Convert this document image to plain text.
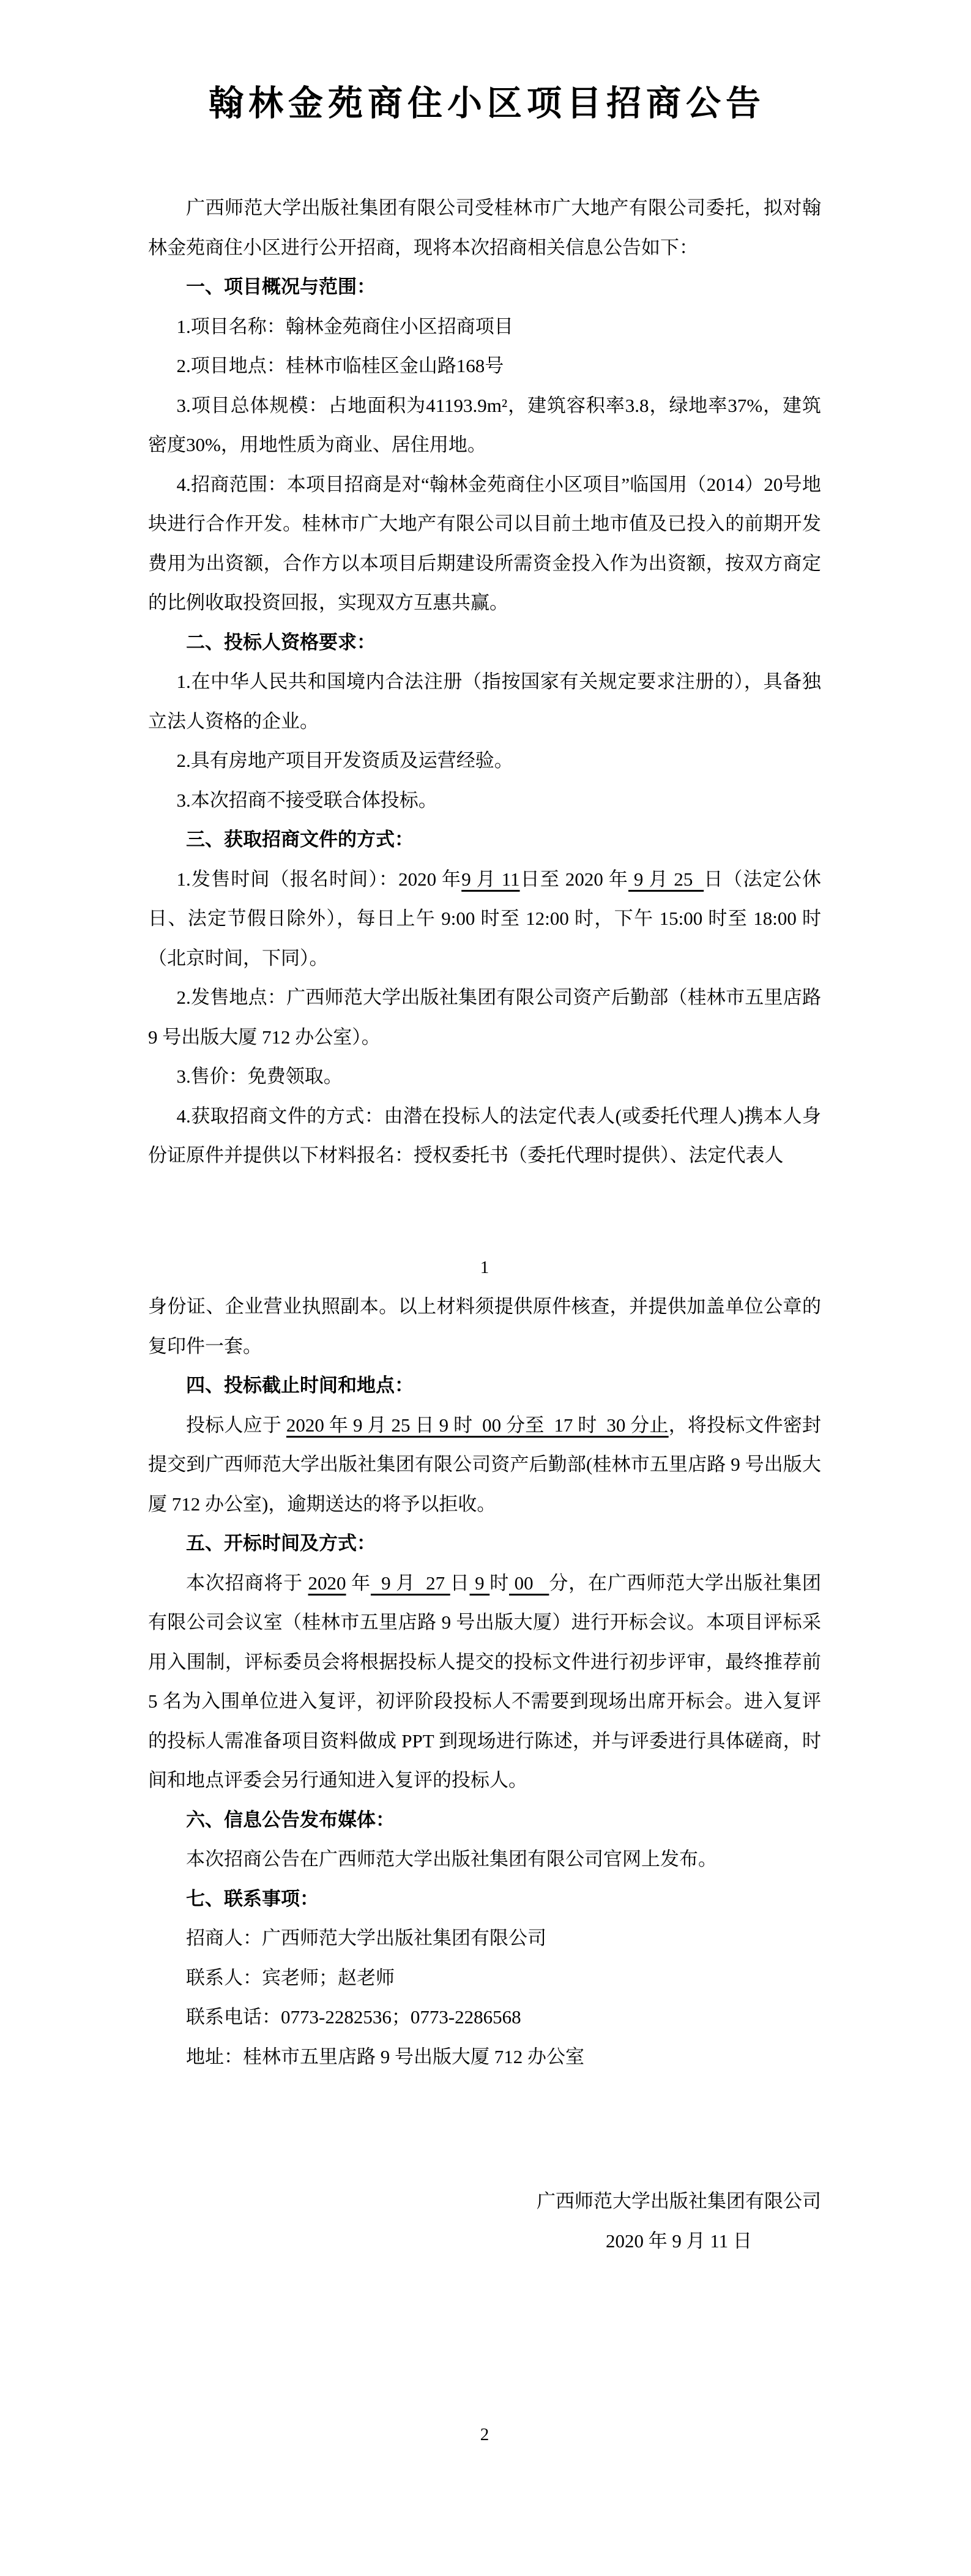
翰林金苑商住小区项目招商公告

广西师范大学出版社集团有限公司受桂林市广大地产有限公司委托，拟对翰林金苑商住小区进行公开招商，现将本次招商相关信息公告如下：

一、项目概况与范围：

1.项目名称：翰林金苑商住小区招商项目

2.项目地点：桂林市临桂区金山路168号

3.项目总体规模：占地面积为41193.9m²，建筑容积率3.8，绿地率37%，建筑密度30%，用地性质为商业、居住用地。

4.招商范围：本项目招商是对“翰林金苑商住小区项目”临国用（2014）20号地块进行合作开发。桂林市广大地产有限公司以目前土地市值及已投入的前期开发费用为出资额，合作方以本项目后期建设所需资金投入作为出资额，按双方商定的比例收取投资回报，实现双方互惠共赢。

二、投标人资格要求：

1.在中华人民共和国境内合法注册（指按国家有关规定要求注册的），具备独立法人资格的企业。

2.具有房地产项目开发资质及运营经验。

3.本次招商不接受联合体投标。

三、获取招商文件的方式：

1.发售时间（报名时间）：2020 年9 月 11日至 2020 年 9 月 25  日（法定公休日、法定节假日除外），每日上午 9:00 时至 12:00 时，下午 15:00 时至 18:00 时（北京时间，下同）。

2.发售地点：广西师范大学出版社集团有限公司资产后勤部（桂林市五里店路 9 号出版大厦 712 办公室）。

3.售价：免费领取。

4.获取招商文件的方式：由潜在投标人的法定代表人(或委托代理人)携本人身份证原件并提供以下材料报名：授权委托书（委托代理时提供）、法定代表人

1

身份证、企业营业执照副本。以上材料须提供原件核查，并提供加盖单位公章的复印件一套。

四、投标截止时间和地点：

投标人应于 2020 年 9 月 25 日 9 时  00 分至  17 时  30 分止，将投标文件密封提交到广西师范大学出版社集团有限公司资产后勤部(桂林市五里店路 9 号出版大厦 712 办公室)，逾期送达的将予以拒收。

五、开标时间及方式：

本次招商将于 2020 年  9 月  27 日 9 时 00   分，在广西师范大学出版社集团有限公司会议室（桂林市五里店路 9 号出版大厦）进行开标会议。本项目评标采用入围制，评标委员会将根据投标人提交的投标文件进行初步评审，最终推荐前 5 名为入围单位进入复评，初评阶段投标人不需要到现场出席开标会。进入复评的投标人需准备项目资料做成 PPT 到现场进行陈述，并与评委进行具体磋商，时间和地点评委会另行通知进入复评的投标人。

六、信息公告发布媒体：

本次招商公告在广西师范大学出版社集团有限公司官网上发布。

七、联系事项：

招商人：广西师范大学出版社集团有限公司

联系人：宾老师；赵老师

联系电话：0773-2282536；0773-2286568

地址：桂林市五里店路 9 号出版大厦 712 办公室

广西师范大学出版社集团有限公司
2020 年 9 月 11 日
2
